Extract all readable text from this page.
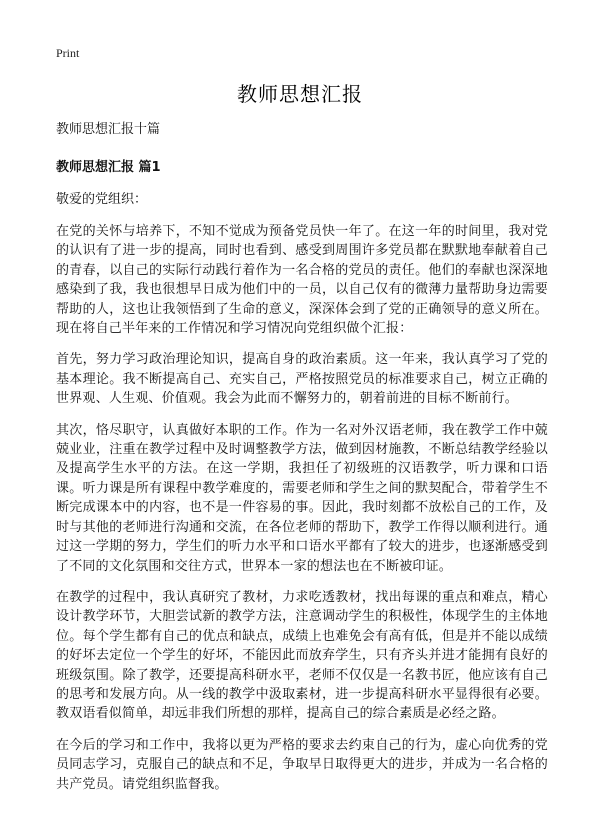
Print
教师思想汇报
教师思想汇报十篇
教师思想汇报 篇1
敬爱的党组织：

在党的关怀与培养下，不知不觉成为预备党员快一年了。在这一年的时间里，我对党的认识有了进一步的提高，同时也看到、感受到周围许多党员都在默默地奉献着自己的青春，以自己的实际行动践行着作为一名合格的党员的责任。他们的奉献也深深地感染到了我，我也很想早日成为他们中的一员，以自己仅有的微薄力量帮助身边需要帮助的人，这也让我领悟到了生命的意义，深深体会到了党的正确领导的意义所在。现在将自己半年来的工作情况和学习情况向党组织做个汇报：

首先，努力学习政治理论知识，提高自身的政治素质。这一年来，我认真学习了党的基本理论。我不断提高自己、充实自己，严格按照党员的标准要求自己，树立正确的世界观、人生观、价值观。我会为此而不懈努力的，朝着前进的目标不断前行。

其次，恪尽职守，认真做好本职的工作。作为一名对外汉语老师，我在教学工作中兢兢业业，注重在教学过程中及时调整教学方法，做到因材施教，不断总结教学经验以及提高学生水平的方法。在这一学期，我担任了初级班的汉语教学，听力课和口语课。听力课是所有课程中教学难度的，需要老师和学生之间的默契配合，带着学生不断完成课本中的内容，也不是一件容易的事。因此，我时刻都不放松自己的工作，及时与其他的老师进行沟通和交流，在各位老师的帮助下，教学工作得以顺利进行。通过这一学期的努力，学生们的听力水平和口语水平都有了较大的进步，也逐渐感受到了不同的文化氛围和交往方式，世界本一家的想法也在不断被印证。

在教学的过程中，我认真研究了教材，力求吃透教材，找出每课的重点和难点，精心设计教学环节，大胆尝试新的教学方法，注意调动学生的积极性，体现学生的主体地位。每个学生都有自己的优点和缺点，成绩上也难免会有高有低，但是并不能以成绩的好坏去定位一个学生的好坏，不能因此而放弃学生，只有齐头并进才能拥有良好的班级氛围。除了教学，还要提高科研水平，老师不仅仅是一名教书匠，他应该有自己的思考和发展方向。从一线的教学中汲取素材，进一步提高科研水平显得很有必要。教双语看似简单，却远非我们所想的那样，提高自己的综合素质是必经之路。

在今后的学习和工作中，我将以更为严格的要求去约束自己的行为，虚心向优秀的党员同志学习，克服自己的缺点和不足，争取早日取得更大的进步，并成为一名合格的共产党员。请党组织监督我。
